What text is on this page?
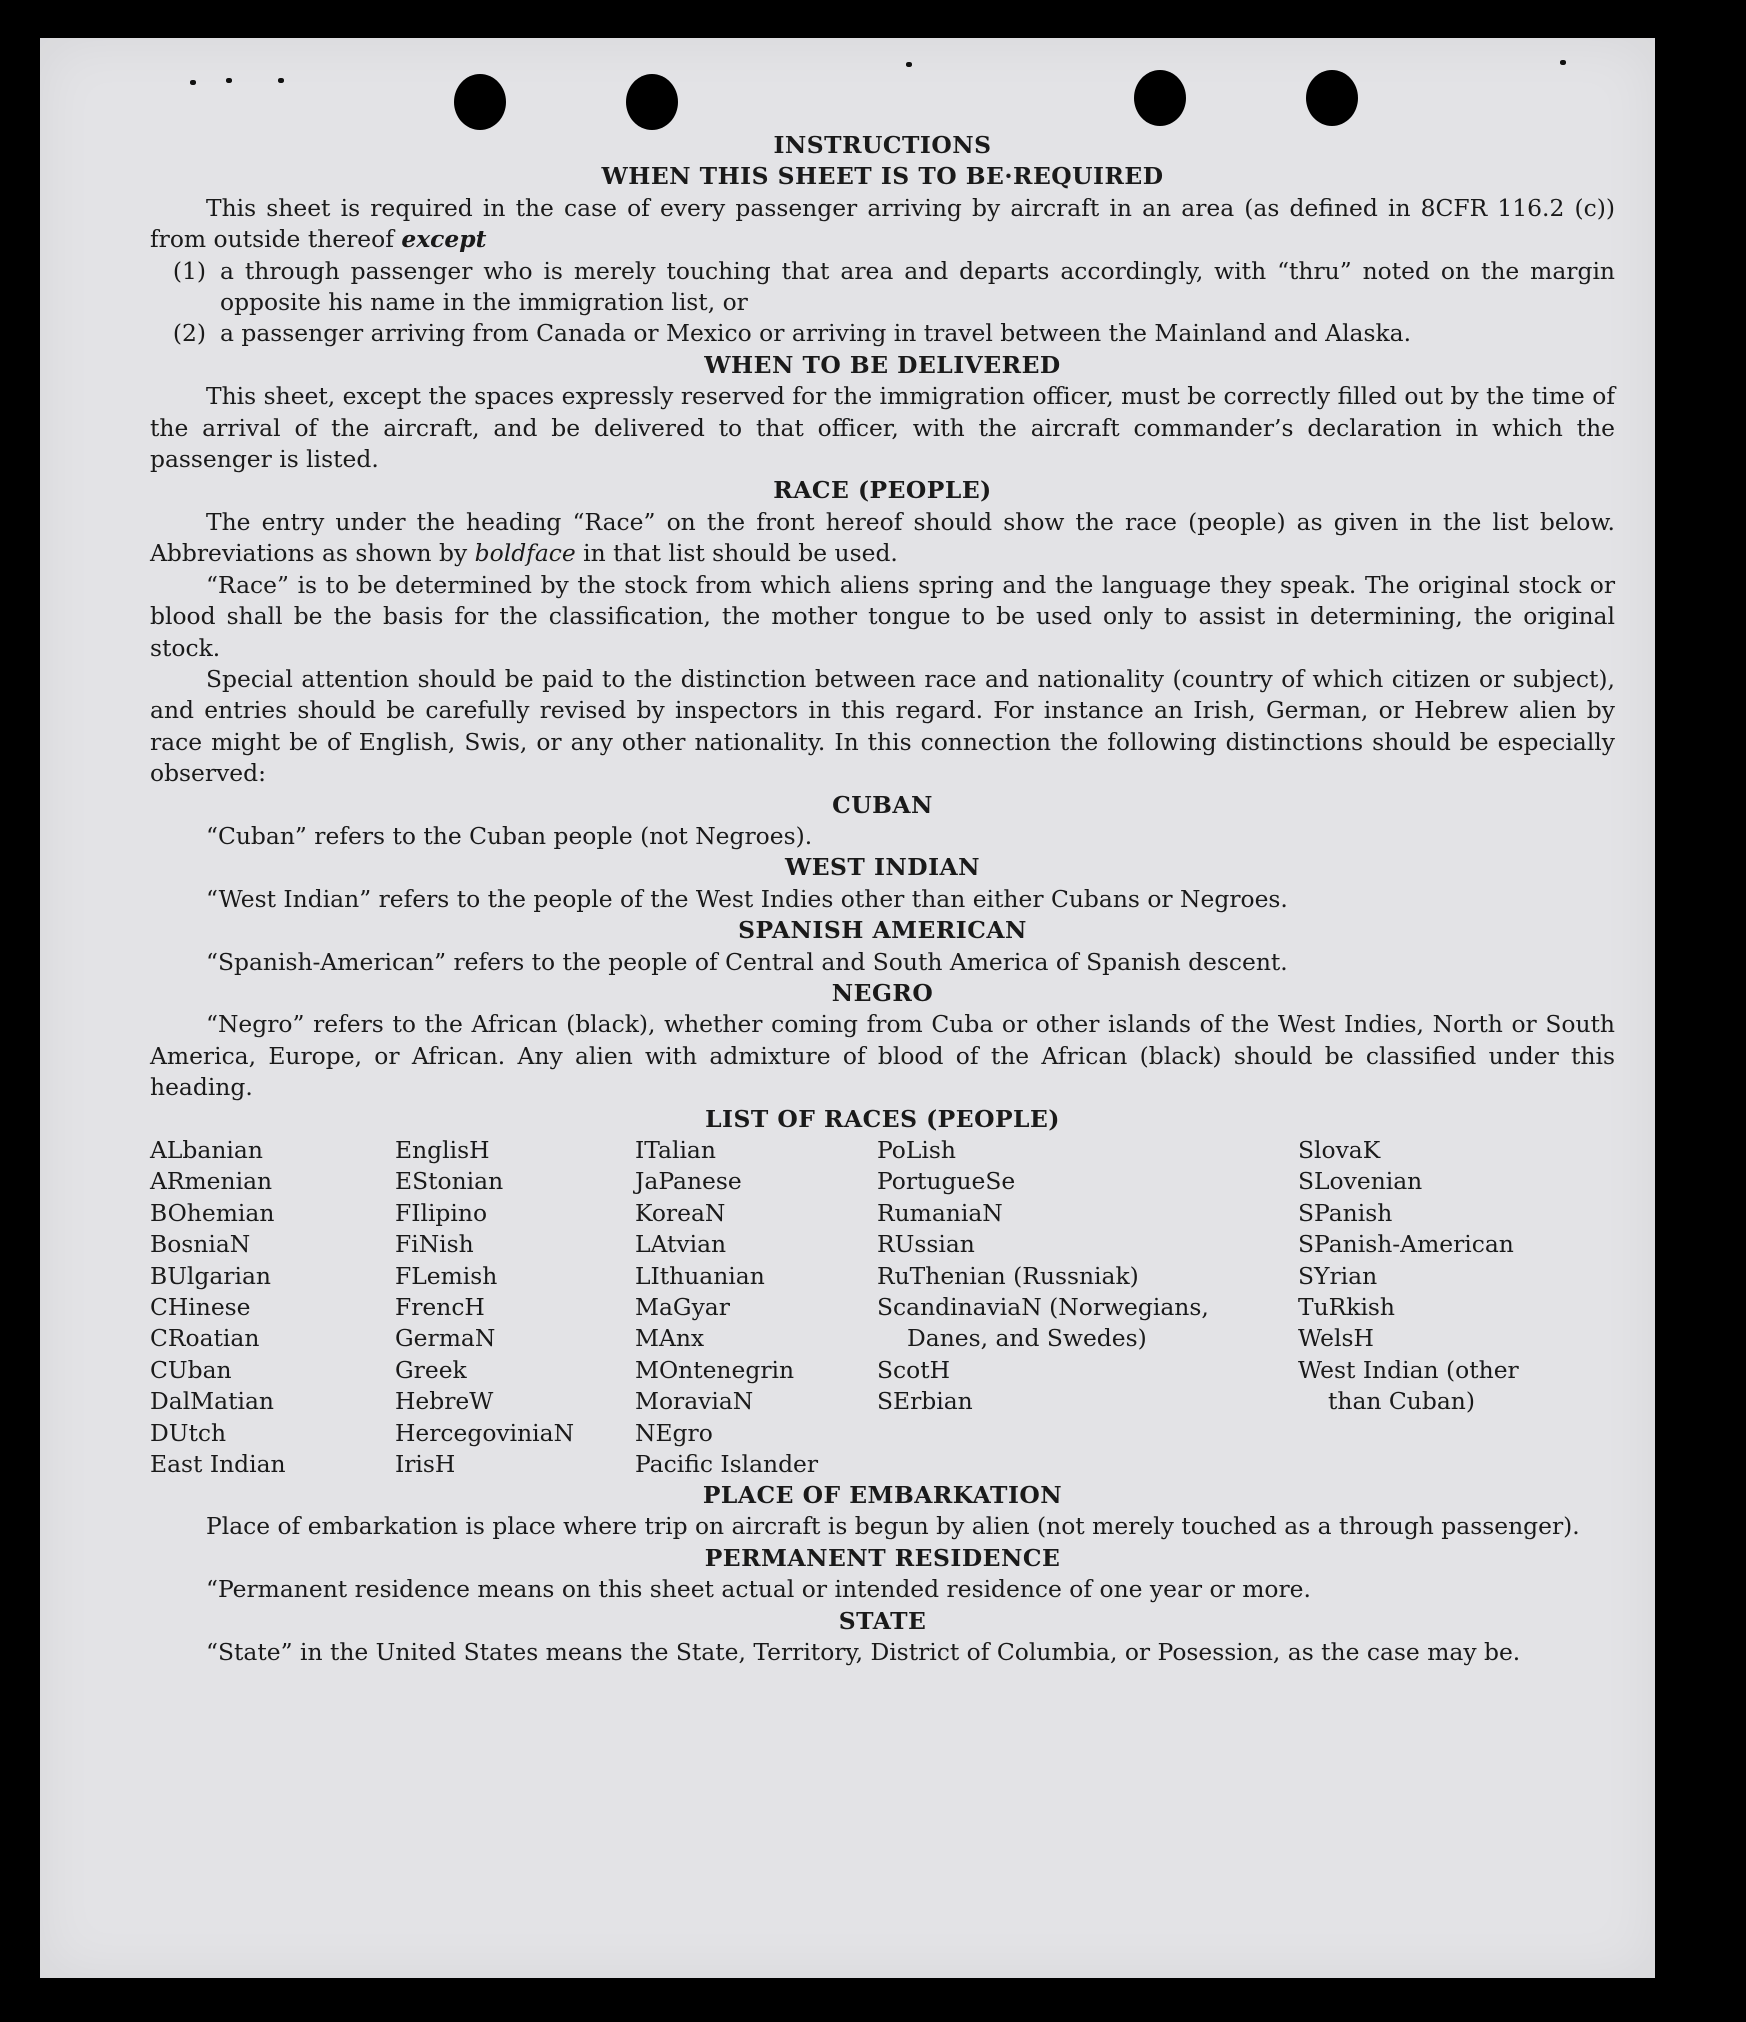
INSTRUCTIONS
WHEN THIS SHEET IS TO BE·REQUIRED

This sheet is required in the case of every passenger arriving by aircraft in an area (as defined in 8CFR 116.2 (c)) from outside thereof except

(1) a through passenger who is merely touching that area and departs accordingly, with “thru” noted on the margin opposite his name in the immigration list, or
(2) a passenger arriving from Canada or Mexico or arriving in travel between the Mainland and Alaska.
WHEN TO BE DELIVERED

This sheet, except the spaces expressly reserved for the immigration officer, must be correctly filled out by the time of the arrival of the aircraft, and be delivered to that officer, with the aircraft commander’s declaration in which the passenger is listed.

RACE (PEOPLE)

The entry under the heading “Race” on the front hereof should show the race (people) as given in the list below. Abbreviations as shown by boldface in that list should be used.

“Race” is to be determined by the stock from which aliens spring and the language they speak. The original stock or blood shall be the basis for the classification, the mother tongue to be used only to assist in determining, the original stock.

Special attention should be paid to the distinction between race and nationality (country of which citizen or subject), and entries should be carefully revised by inspectors in this regard. For instance an Irish, German, or Hebrew alien by race might be of English, Swis, or any other nationality. In this connection the following distinctions should be especially observed:

CUBAN

“Cuban” refers to the Cuban people (not Negroes).

WEST INDIAN

“West Indian” refers to the people of the West Indies other than either Cubans or Negroes.

SPANISH AMERICAN

“Spanish-American” refers to the people of Central and South America of Spanish descent.

NEGRO

“Negro” refers to the African (black), whether coming from Cuba or other islands of the West Indies, North or South America, Europe, or African. Any alien with admixture of blood of the African (black) should be classified under this heading.

LIST OF RACES (PEOPLE)
ALbanian
ARmenian
BOhemian
BosniaN
BUlgarian
CHinese
CRoatian
CUban
DalMatian
DUtch
East Indian
EnglisH
EStonian
FIlipino
FiNish
FLemish
FrencH
GermaN
Greek
HebreW
HercegoviniaN
IrisH
ITalian
JaPanese
KoreaN
LAtvian
LIthuanian
MaGyar
MAnx
MOntenegrin
MoraviaN
NEgro
Pacific Islander
PoLish
PortugueSe
RumaniaN
RUssian
RuThenian (Russniak)
ScandinaviaN (Norwegians,
Danes, and Swedes)
ScotH
SErbian
SlovaK
SLovenian
SPanish
SPanish-American
SYrian
TuRkish
WelsH
West Indian (other
than Cuban)
PLACE OF EMBARKATION

Place of embarkation is place where trip on aircraft is begun by alien (not merely touched as a through passenger).

PERMANENT RESIDENCE

“Permanent residence means on this sheet actual or intended residence of one year or more.

STATE

“State” in the United States means the State, Territory, District of Columbia, or Posession, as the case may be.
